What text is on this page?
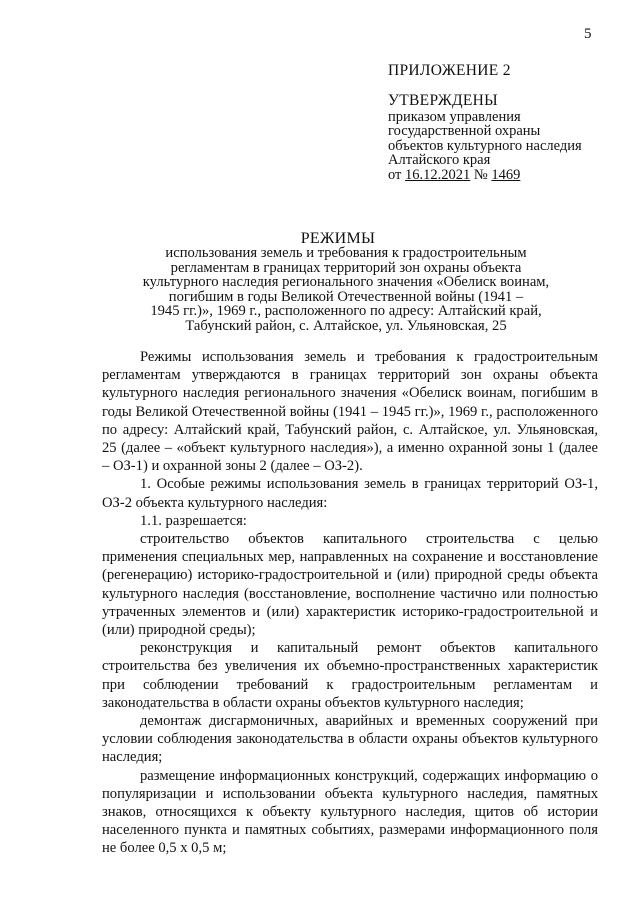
5
ПРИЛОЖЕНИЕ 2
УТВЕРЖДЕНЫ
приказом управления
государственной охраны
объектов культурного наследия
Алтайского края
от 16.12.2021 № 1469
РЕЖИМЫ
использования земель и требования к градостроительным
регламентам в границах территорий зон охраны объекта
культурного наследия регионального значения «Обелиск воинам,
погибшим в годы Великой Отечественной войны (1941 –
1945 гг.)», 1969 г., расположенного по адресу: Алтайский край,
Табунский район, с. Алтайское, ул. Ульяновская, 25

Режимы использования земель и требования к градостроительным регламентам утверждаются в границах территорий зон охраны объекта культурного наследия регионального значения «Обелиск воинам, погибшим в годы Великой Отечественной войны (1941 – 1945 гг.)», 1969 г., расположенного по адресу: Алтайский край, Табунский район, с. Алтайское, ул. Ульяновская, 25 (далее – «объект культурного наследия»), а именно охранной зоны 1 (далее – ОЗ-1) и охранной зоны 2 (далее – ОЗ-2).

1. Особые режимы использования земель в границах территорий ОЗ-1, ОЗ-2 объекта культурного наследия:

1.1. разрешается:

строительство объектов капитального строительства с целью применения специальных мер, направленных на сохранение и восстановление (регенерацию) историко-градостроительной и (или) природной среды объекта культурного наследия (восстановление, восполнение частично или полностью утраченных элементов и (или) характеристик историко-градостроительной и (или) природной среды);

реконструкция и капитальный ремонт объектов капитального строительства без увеличения их объемно-пространственных характеристик при соблюдении требований к градостроительным регламентам и законодательства в области охраны объектов культурного наследия;

демонтаж дисгармоничных, аварийных и временных сооружений при условии соблюдения законодательства в области охраны объектов культурного наследия;

размещение информационных конструкций, содержащих информацию о популяризации и использовании объекта культурного наследия, памятных знаков, относящихся к объекту культурного наследия, щитов об истории населенного пункта и памятных событиях, размерами информационного поля не более 0,5 х 0,5 м;
